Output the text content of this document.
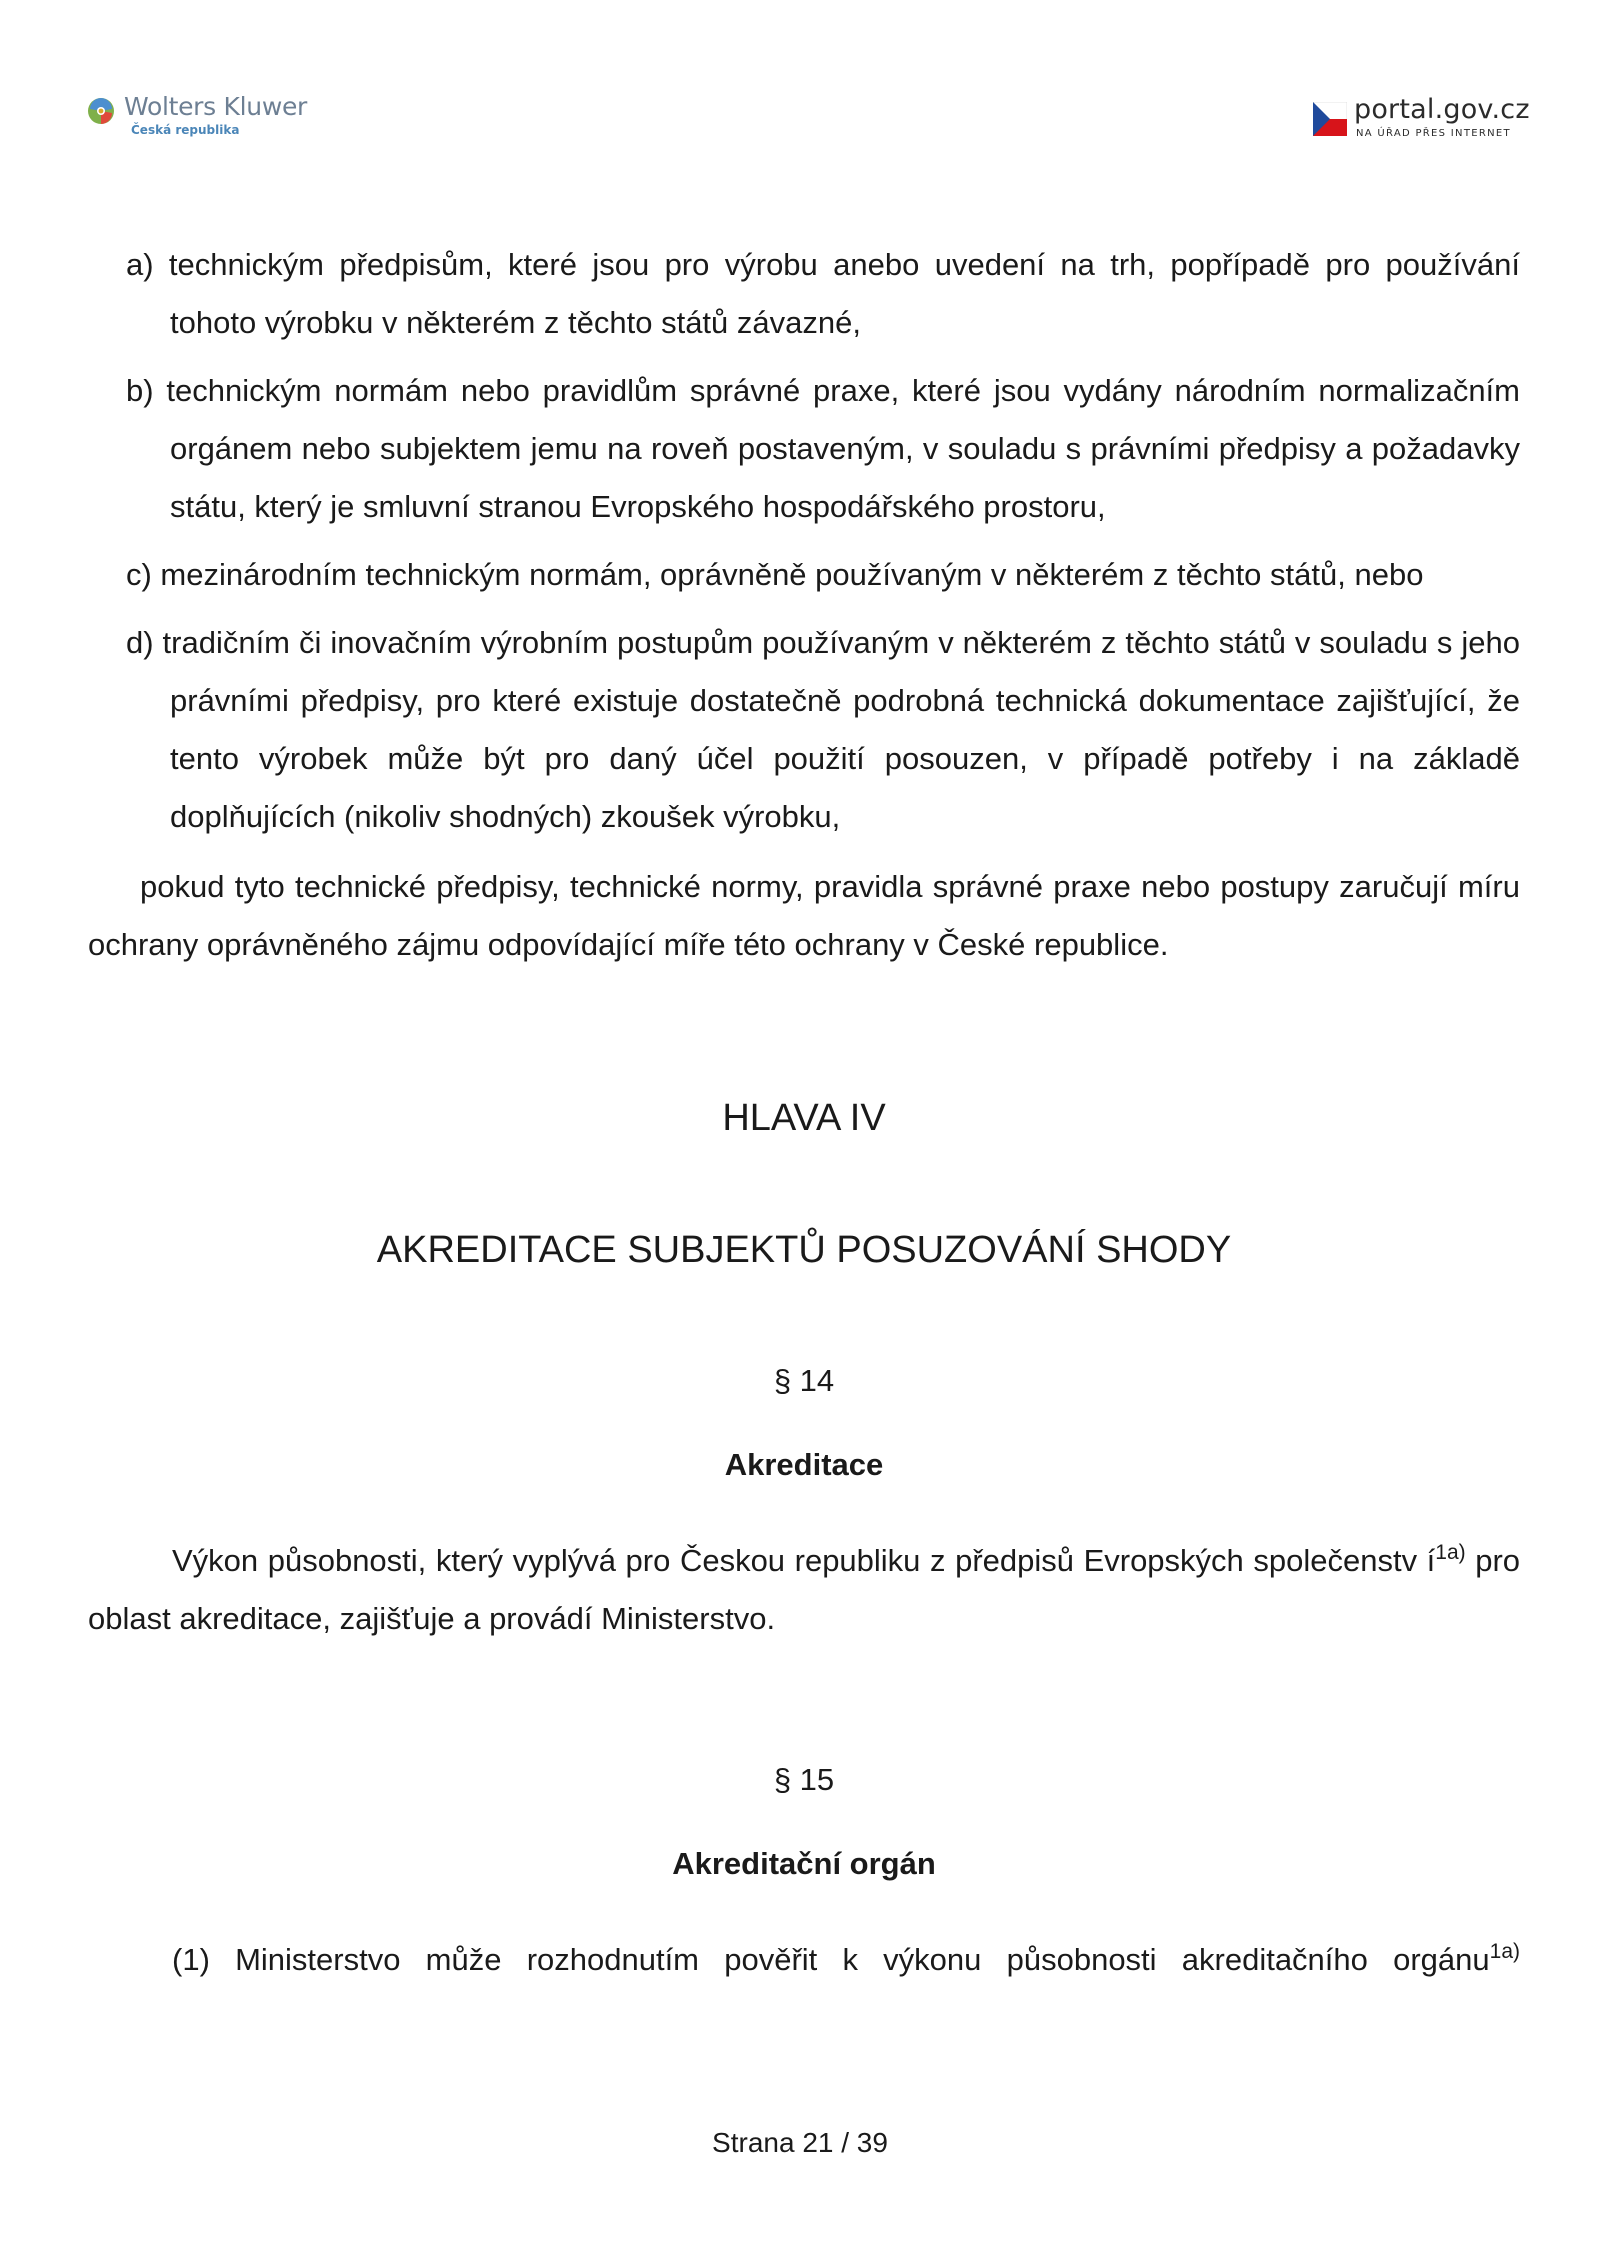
Wolters Kluwer
Česká republika
portal.gov.cz
NA ÚŘAD PŘES INTERNET

a) technickým předpisům, které jsou pro výrobu anebo uvedení na trh, popřípadě pro používání tohoto výrobku v některém z těchto států závazné,

b) technickým normám nebo pravidlům správné praxe, které jsou vydány národním normalizačním orgánem nebo subjektem jemu na roveň postaveným, v souladu s právními předpisy a požadavky státu, který je smluvní stranou Evropského hospodářského prostoru,

c) mezinárodním technickým normám, oprávněně používaným v některém z těchto států, nebo

d) tradičním či inovačním výrobním postupům používaným v některém z těchto států v souladu s jeho právními předpisy, pro které existuje dostatečně podrobná technická dokumentace zajišťující, že tento výrobek může být pro daný účel použití posouzen, v případě potřeby i na základě doplňujících (nikoliv shodných) zkoušek výrobku,

pokud tyto technické předpisy, technické normy, pravidla správné praxe nebo postupy zaručují míru ochrany oprávněného zájmu odpovídající míře této ochrany v České republice.

HLAVA IV

AKREDITACE SUBJEKTŮ POSUZOVÁNÍ SHODY

§ 14

Akreditace

Výkon působnosti, který vyplývá pro Českou republiku z předpisů Evropských společenstv $í^{1a)}$ pro oblast akreditace, zajišťuje a provádí Ministerstvo.

§ 15

Akreditační orgán

(1) Ministerstvo může rozhodnutím pověřit k výkonu působnosti akreditačního orgánu$^{1a)}$

Strana 21 / 39
